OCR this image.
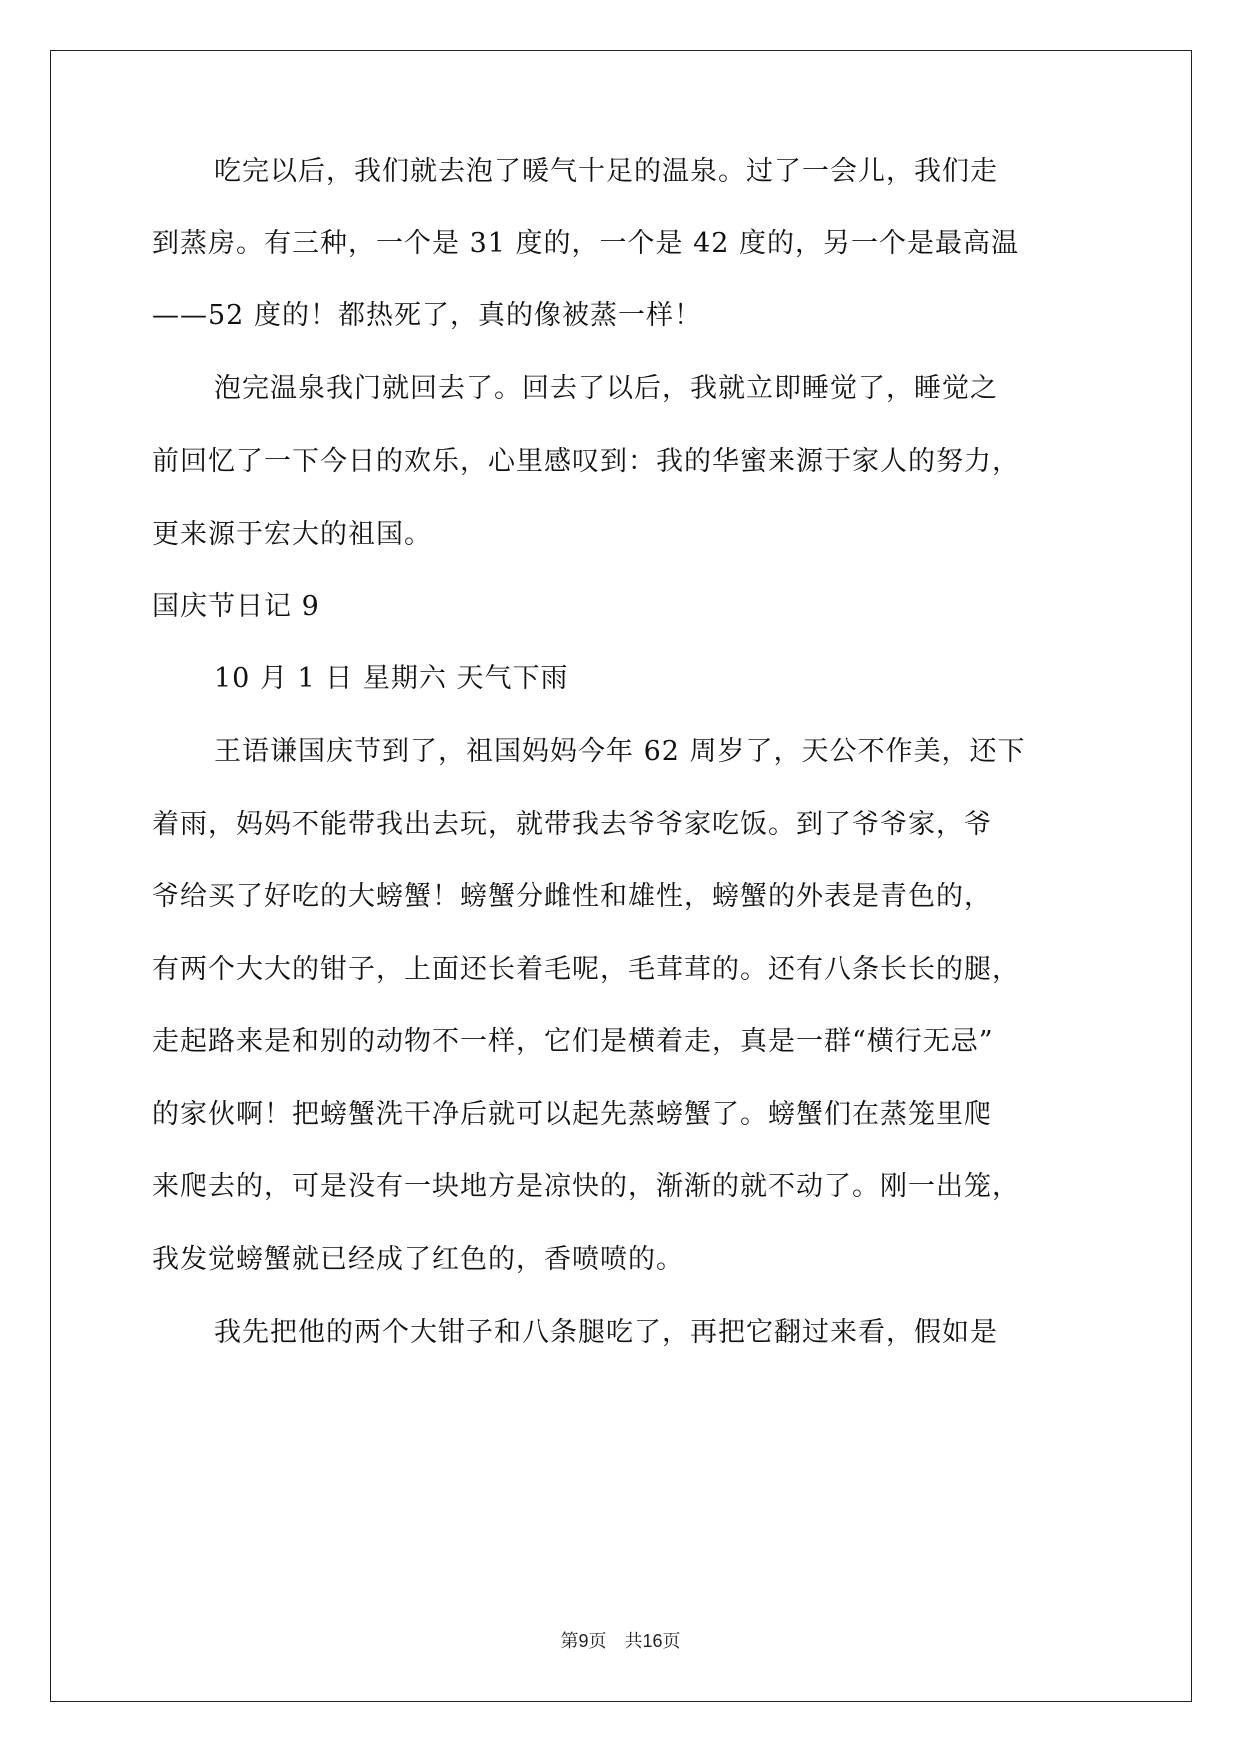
吃完以后，我们就去泡了暖气十足的温泉。过了一会儿，我们走
到蒸房。有三种，一个是 31 度的，一个是 42 度的，另一个是最高温
——52 度的！都热死了，真的像被蒸一样！
泡完温泉我门就回去了。回去了以后，我就立即睡觉了，睡觉之
前回忆了一下今日的欢乐，心里感叹到：我的华蜜来源于家人的努力，
更来源于宏大的祖国。
国庆节日记 9
10 月 1 日 星期六 天气下雨
王语谦国庆节到了，祖国妈妈今年 62 周岁了，天公不作美，还下
着雨，妈妈不能带我出去玩，就带我去爷爷家吃饭。到了爷爷家，爷
爷给买了好吃的大螃蟹！螃蟹分雌性和雄性，螃蟹的外表是青色的，
有两个大大的钳子，上面还长着毛呢，毛茸茸的。还有八条长长的腿，
走起路来是和别的动物不一样，它们是横着走，真是一群“横行无忌”
的家伙啊！把螃蟹洗干净后就可以起先蒸螃蟹了。螃蟹们在蒸笼里爬
来爬去的，可是没有一块地方是凉快的，渐渐的就不动了。刚一出笼，
我发觉螃蟹就已经成了红色的，香喷喷的。
我先把他的两个大钳子和八条腿吃了，再把它翻过来看，假如是
第9页　共16页
